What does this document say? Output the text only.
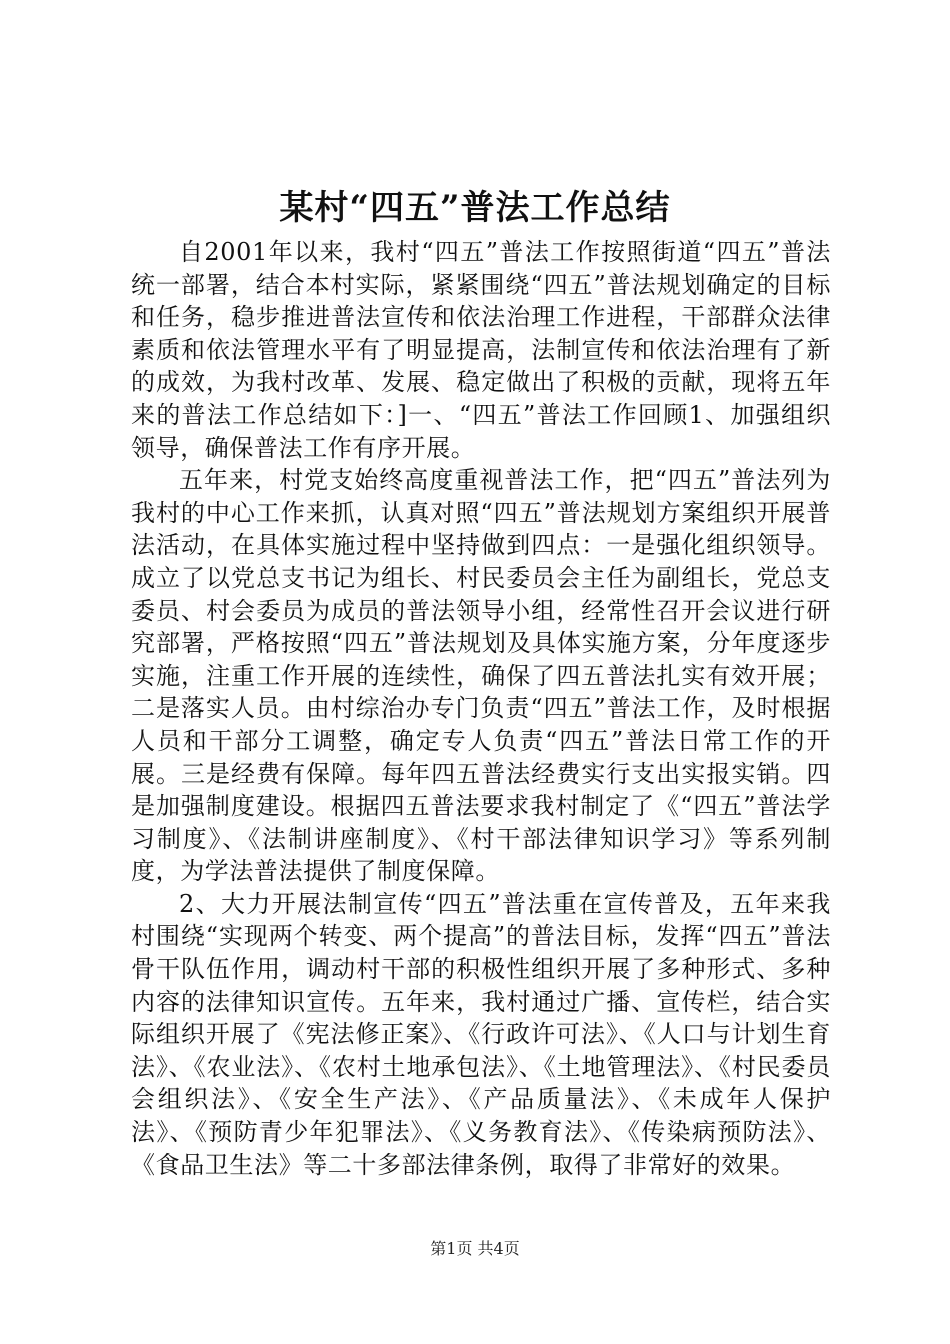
某村“四五”普法工作总结

自2001年以来，我村“四五”普法工作按照街道“四五”普法统一部署，结合本村实际，紧紧围绕“四五”普法规划确定的目标和任务，稳步推进普法宣传和依法治理工作进程，干部群众法律素质和依法管理水平有了明显提高，法制宣传和依法治理有了新的成效，为我村改革、发展、稳定做出了积极的贡献，现将五年来的普法工作总结如下：]一、“四五”普法工作回顾1、加强组织领导，确保普法工作有序开展。

五年来，村党支始终高度重视普法工作，把“四五”普法列为我村的中心工作来抓，认真对照“四五”普法规划方案组织开展普法活动，在具体实施过程中坚持做到四点：一是强化组织领导。成立了以党总支书记为组长、村民委员会主任为副组长，党总支委员、村会委员为成员的普法领导小组，经常性召开会议进行研究部署，严格按照“四五”普法规划及具体实施方案，分年度逐步实施，注重工作开展的连续性，确保了四五普法扎实有效开展；二是落实人员。由村综治办专门负责“四五”普法工作，及时根据人员和干部分工调整，确定专人负责“四五”普法日常工作的开展。三是经费有保障。每年四五普法经费实行支出实报实销。四是加强制度建设。根据四五普法要求我村制定了《“四五”普法学习制度》、《法制讲座制度》、《村干部法律知识学习》等系列制度，为学法普法提供了制度保障。

2、大力开展法制宣传“四五”普法重在宣传普及，五年来我村围绕“实现两个转变、两个提高”的普法目标，发挥“四五”普法骨干队伍作用，调动村干部的积极性组织开展了多种形式、多种内容的法律知识宣传。五年来，我村通过广播、宣传栏，结合实际组织开展了《宪法修正案》、《行政许可法》、《人口与计划生育法》、《农业法》、《农村土地承包法》、《土地管理法》、《村民委员会组织法》、《安全生产法》、《产品质量法》、《未成年人保护法》、《预防青少年犯罪法》、《义务教育法》、《传染病预防法》、《食品卫生法》等二十多部法律条例，取得了非常好的效果。

第1页 共4页
